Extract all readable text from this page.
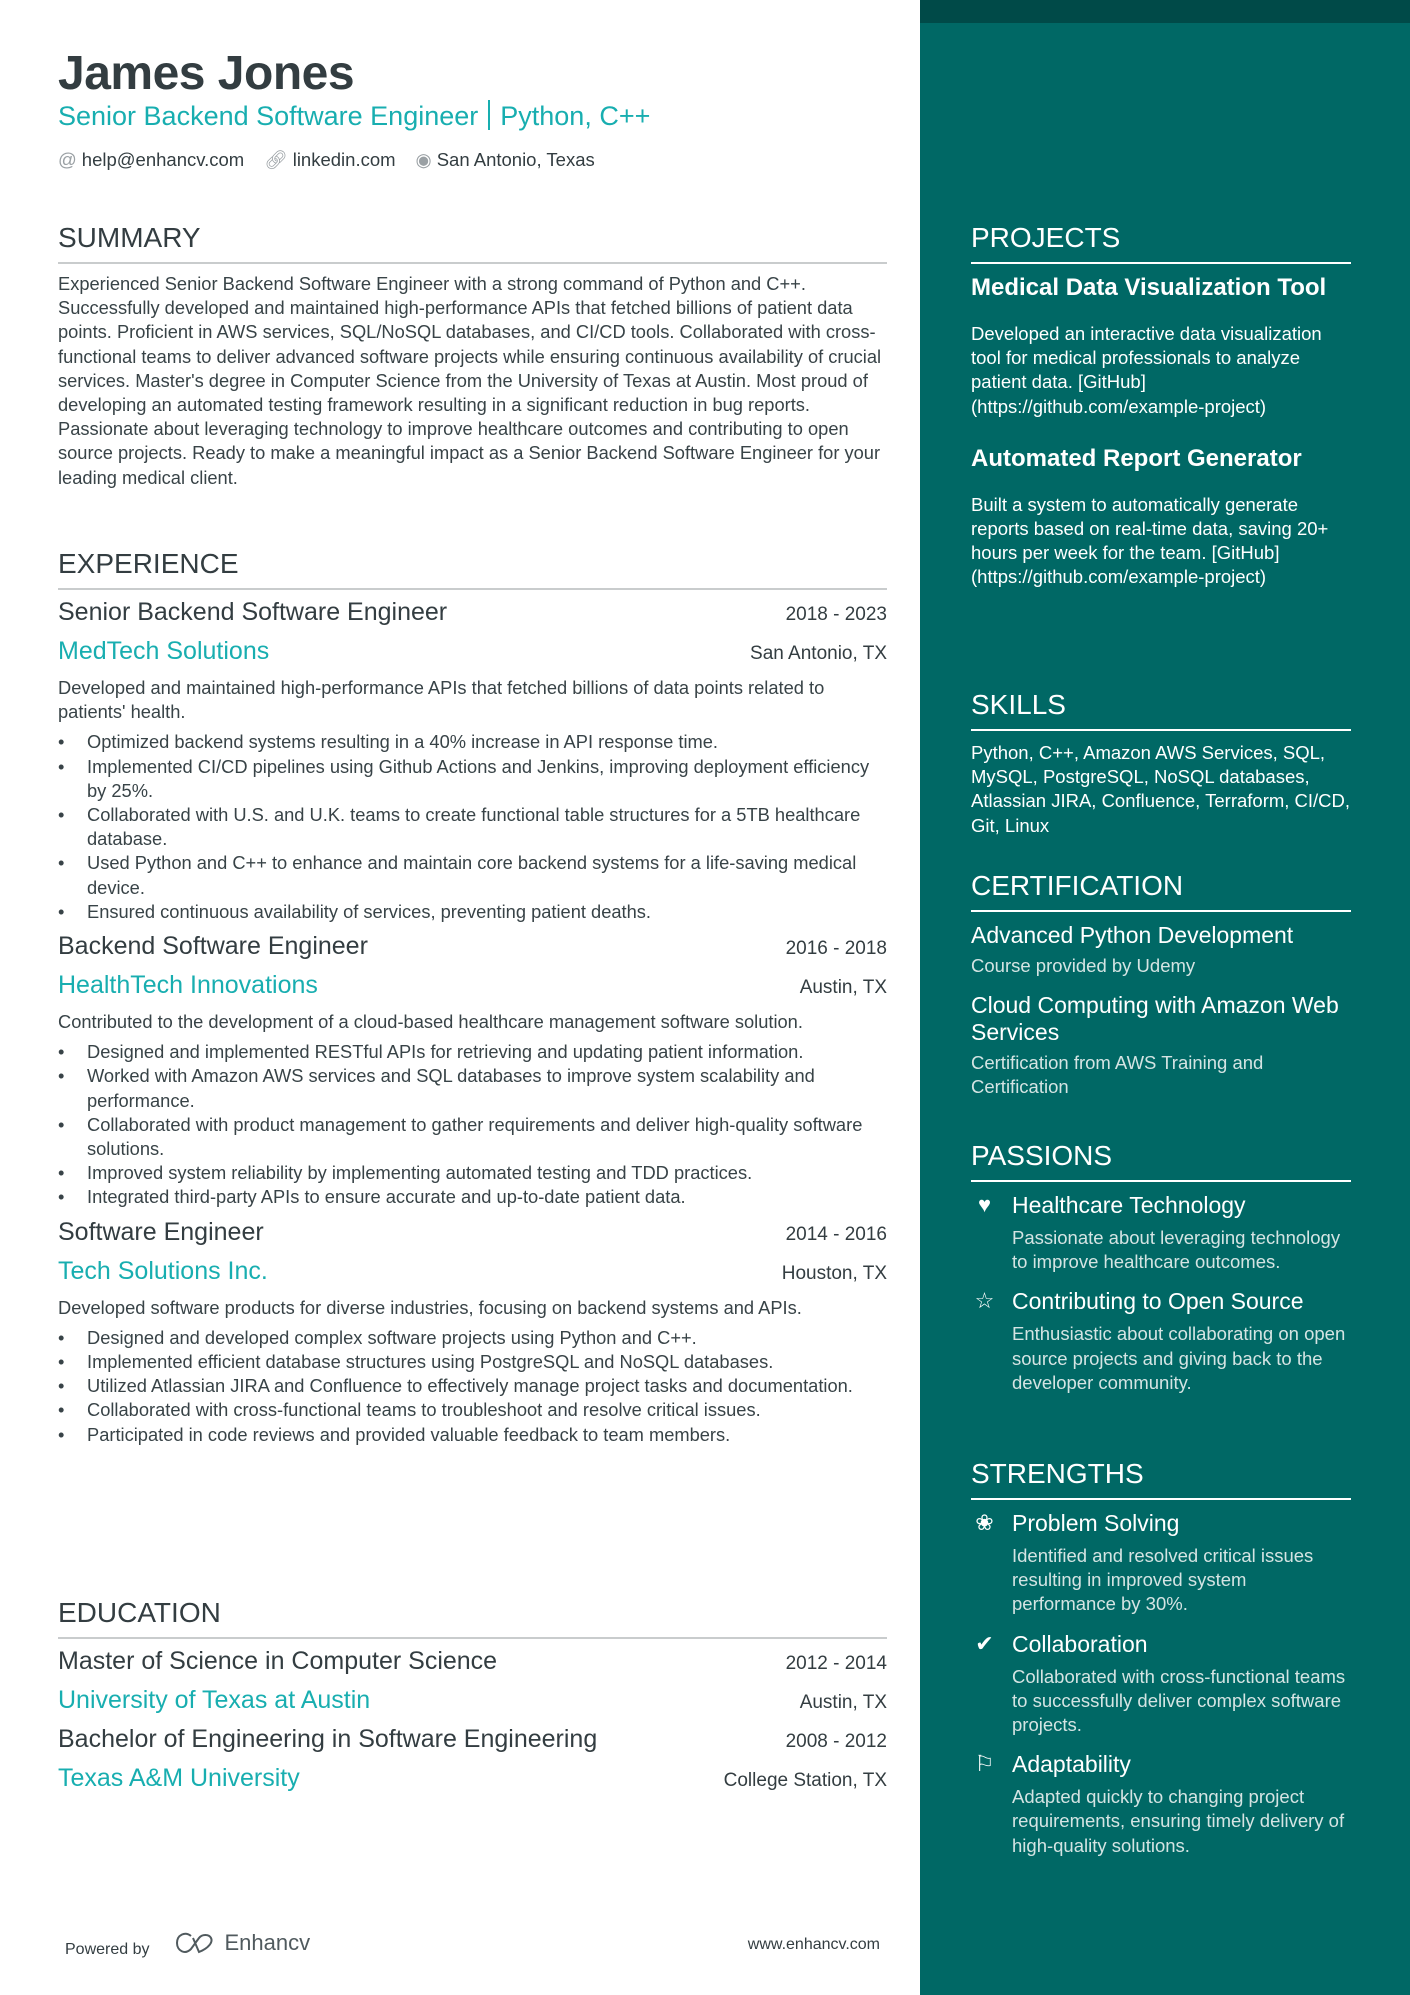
James Jones
Senior Backend Software Engineer Python, C++
@ help@enhancv.com 🔗︎ linkedin.com ◉ San Antonio, Texas
SUMMARY

Experienced Senior Backend Software Engineer with a strong command of Python and C++. Successfully developed and maintained high-performance APIs that fetched billions of patient data points. Proficient in AWS services, SQL/NoSQL databases, and CI/CD tools. Collaborated with cross-functional teams to deliver advanced software projects while ensuring continuous availability of crucial services. Master's degree in Computer Science from the University of Texas at Austin. Most proud of developing an automated testing framework resulting in a significant reduction in bug reports. Passionate about leveraging technology to improve healthcare outcomes and contributing to open source projects. Ready to make a meaningful impact as a Senior Backend Software Engineer for your leading medical client.

EXPERIENCE
Senior Backend Software Engineer	2018 - 2023
MedTech Solutions	San Antonio, TX

Developed and maintained high-performance APIs that fetched billions of data points related to patients' health.

• Optimized backend systems resulting in a 40% increase in API response time.
• Implemented CI/CD pipelines using Github Actions and Jenkins, improving deployment efficiency by 25%.
• Collaborated with U.S. and U.K. teams to create functional table structures for a 5TB healthcare database.
• Used Python and C++ to enhance and maintain core backend systems for a life-saving medical device.
• Ensured continuous availability of services, preventing patient deaths.
Backend Software Engineer	2016 - 2018
HealthTech Innovations	Austin, TX

Contributed to the development of a cloud-based healthcare management software solution.

• Designed and implemented RESTful APIs for retrieving and updating patient information.
• Worked with Amazon AWS services and SQL databases to improve system scalability and performance.
• Collaborated with product management to gather requirements and deliver high-quality software solutions.
• Improved system reliability by implementing automated testing and TDD practices.
• Integrated third-party APIs to ensure accurate and up-to-date patient data.
Software Engineer	2014 - 2016
Tech Solutions Inc.	Houston, TX

Developed software products for diverse industries, focusing on backend systems and APIs.

• Designed and developed complex software projects using Python and C++.
• Implemented efficient database structures using PostgreSQL and NoSQL databases.
• Utilized Atlassian JIRA and Confluence to effectively manage project tasks and documentation.
• Collaborated with cross-functional teams to troubleshoot and resolve critical issues.
• Participated in code reviews and provided valuable feedback to team members.
EDUCATION
Master of Science in Computer Science	2012 - 2014
University of Texas at Austin	Austin, TX
Bachelor of Engineering in Software Engineering	2008 - 2012
Texas A&M University	College Station, TX
Powered by	Enhancv	www.enhancv.com
PROJECTS
Medical Data Visualization Tool

Developed an interactive data visualization tool for medical professionals to analyze patient data. [GitHub](https://github.com/example-project)

Automated Report Generator

Built a system to automatically generate reports based on real-time data, saving 20+ hours per week for the team. [GitHub](https://github.com/example-project)

SKILLS

Python, C++, Amazon AWS Services, SQL, MySQL, PostgreSQL, NoSQL databases, Atlassian JIRA, Confluence, Terraform, CI/CD, Git, Linux

CERTIFICATION
Advanced Python Development
Course provided by Udemy
Cloud Computing with Amazon Web Services
Certification from AWS Training and Certification
PASSIONS
♥ Healthcare Technology
Passionate about leveraging technology to improve healthcare outcomes.
☆ Contributing to Open Source
Enthusiastic about collaborating on open source projects and giving back to the developer community.
STRENGTHS
❀ Problem Solving
Identified and resolved critical issues resulting in improved system performance by 30%.
✔ Collaboration
Collaborated with cross-functional teams to successfully deliver complex software projects.
⚐ Adaptability
Adapted quickly to changing project requirements, ensuring timely delivery of high-quality solutions.
